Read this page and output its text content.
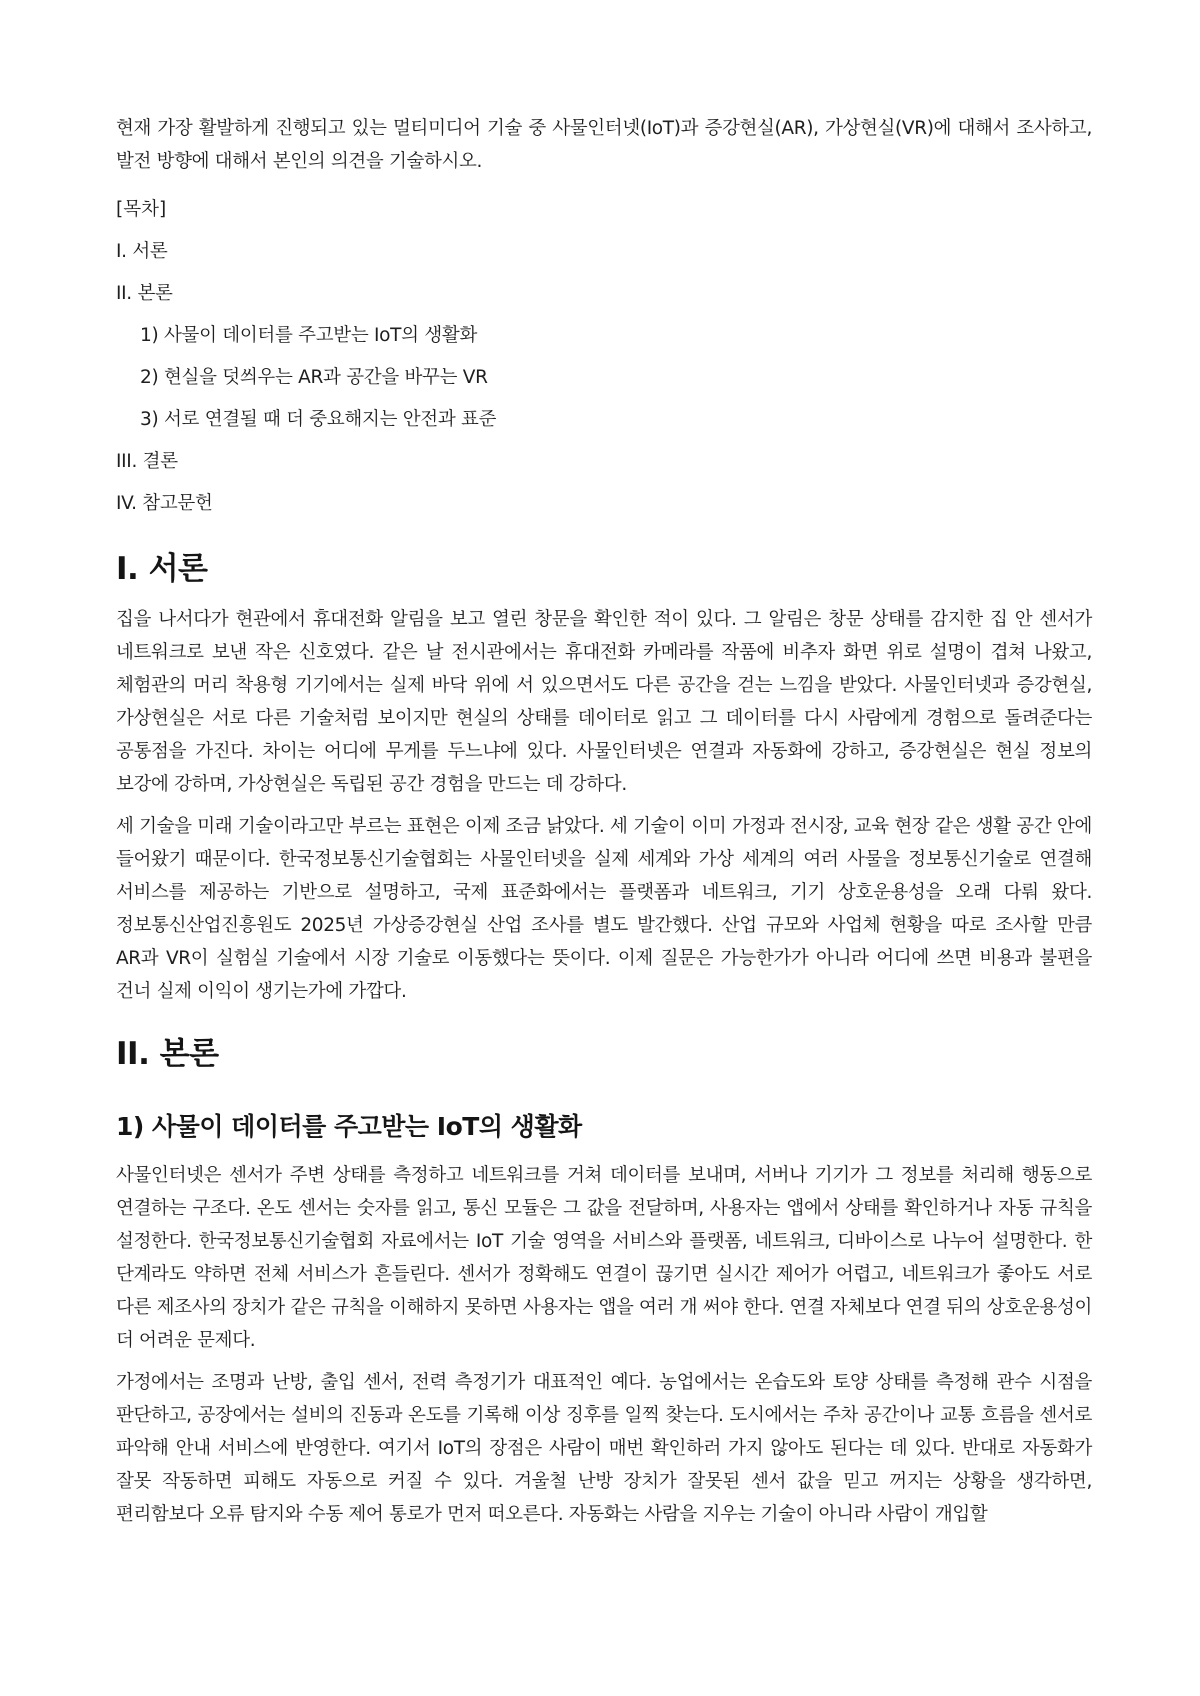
현재 가장 활발하게 진행되고 있는 멀티미디어 기술 중 사물인터넷(IoT)과 증강현실(AR), 가상현실(VR)에 대해서 조사하고, 발전 방향에 대해서 본인의 의견을 기술하시오.

[목차]

I. 서론
II. 본론
1) 사물이 데이터를 주고받는 IoT의 생활화
2) 현실을 덧씌우는 AR과 공간을 바꾸는 VR
3) 서로 연결될 때 더 중요해지는 안전과 표준
III. 결론
IV. 참고문헌
I. 서론

집을 나서다가 현관에서 휴대전화 알림을 보고 열린 창문을 확인한 적이 있다. 그 알림은 창문 상태를 감지한 집 안 센서가 네트워크로 보낸 작은 신호였다. 같은 날 전시관에서는 휴대전화 카메라를 작품에 비추자 화면 위로 설명이 겹쳐 나왔고, 체험관의 머리 착용형 기기에서는 실제 바닥 위에 서 있으면서도 다른 공간을 걷는 느낌을 받았다. 사물인터넷과 증강현실, 가상현실은 서로 다른 기술처럼 보이지만 현실의 상태를 데이터로 읽고 그 데이터를 다시 사람에게 경험으로 돌려준다는 공통점을 가진다. 차이는 어디에 무게를 두느냐에 있다. 사물인터넷은 연결과 자동화에 강하고, 증강현실은 현실 정보의 보강에 강하며, 가상현실은 독립된 공간 경험을 만드는 데 강하다.

세 기술을 미래 기술이라고만 부르는 표현은 이제 조금 낡았다. 세 기술이 이미 가정과 전시장, 교육 현장 같은 생활 공간 안에 들어왔기 때문이다. 한국정보통신기술협회는 사물인터넷을 실제 세계와 가상 세계의 여러 사물을 정보통신기술로 연결해 서비스를 제공하는 기반으로 설명하고, 국제 표준화에서는 플랫폼과 네트워크, 기기 상호운용성을 오래 다뤄 왔다. 정보통신산업진흥원도 2025년 가상증강현실 산업 조사를 별도 발간했다. 산업 규모와 사업체 현황을 따로 조사할 만큼 AR과 VR이 실험실 기술에서 시장 기술로 이동했다는 뜻이다. 이제 질문은 가능한가가 아니라 어디에 쓰면 비용과 불편을 건너 실제 이익이 생기는가에 가깝다.

II. 본론
1) 사물이 데이터를 주고받는 IoT의 생활화

사물인터넷은 센서가 주변 상태를 측정하고 네트워크를 거쳐 데이터를 보내며, 서버나 기기가 그 정보를 처리해 행동으로 연결하는 구조다. 온도 센서는 숫자를 읽고, 통신 모듈은 그 값을 전달하며, 사용자는 앱에서 상태를 확인하거나 자동 규칙을 설정한다. 한국정보통신기술협회 자료에서는 IoT 기술 영역을 서비스와 플랫폼, 네트워크, 디바이스로 나누어 설명한다. 한 단계라도 약하면 전체 서비스가 흔들린다. 센서가 정확해도 연결이 끊기면 실시간 제어가 어렵고, 네트워크가 좋아도 서로 다른 제조사의 장치가 같은 규칙을 이해하지 못하면 사용자는 앱을 여러 개 써야 한다. 연결 자체보다 연결 뒤의 상호운용성이 더 어려운 문제다.

가정에서는 조명과 난방, 출입 센서, 전력 측정기가 대표적인 예다. 농업에서는 온습도와 토양 상태를 측정해 관수 시점을 판단하고, 공장에서는 설비의 진동과 온도를 기록해 이상 징후를 일찍 찾는다. 도시에서는 주차 공간이나 교통 흐름을 센서로 파악해 안내 서비스에 반영한다. 여기서 IoT의 장점은 사람이 매번 확인하러 가지 않아도 된다는 데 있다. 반대로 자동화가 잘못 작동하면 피해도 자동으로 커질 수 있다. 겨울철 난방 장치가 잘못된 센서 값을 믿고 꺼지는 상황을 생각하면, 편리함보다 오류 탐지와 수동 제어 통로가 먼저 떠오른다. 자동화는 사람을 지우는 기술이 아니라 사람이 개입할
